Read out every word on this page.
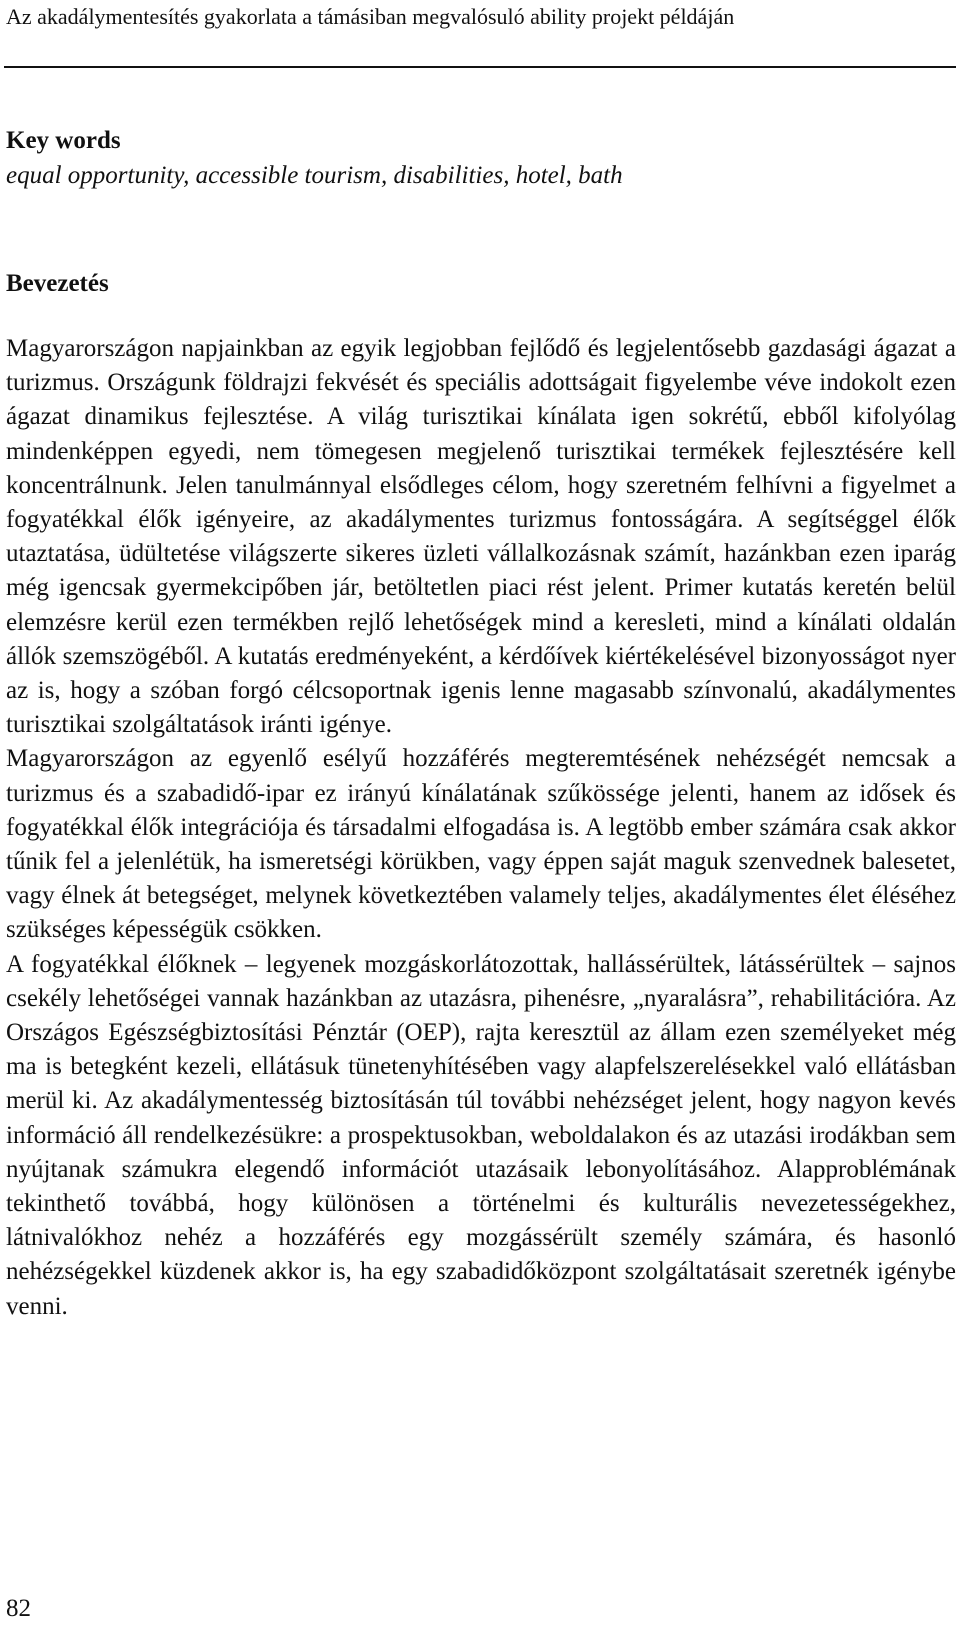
Az akadálymentesítés gyakorlata a támásiban megvalósuló ability projekt példáján
Key words
equal opportunity, accessible tourism, disabilities, hotel, bath
Bevezetés

Magyarországon napjainkban az egyik legjobban fejlődő és legjelentősebb gazdasági ágazat a turizmus. Országunk földrajzi fekvését és speciális adottságait figyelembe véve indokolt ezen ágazat dinamikus fejlesztése. A világ turisztikai kínálata igen sokrétű, ebből kifolyólag mindenképpen egyedi, nem tömegesen megjelenő turisztikai termékek fejlesztésére kell koncentrálnunk. Jelen tanulmánnyal elsődleges célom, hogy szeretném felhívni a figyelmet a fogyatékkal élők igényeire, az akadálymentes turizmus fontosságára. A segítséggel élők utaztatása, üdültetése világszerte sikeres üzleti vállalkozásnak számít, hazánkban ezen iparág még igencsak gyermekcipőben jár, betöltetlen piaci rést jelent. Primer kutatás keretén belül elemzésre kerül ezen termékben rejlő lehetőségek mind a keresleti, mind a kínálati oldalán állók szemszögéből. A kutatás eredményeként, a kérdőívek kiértékelésével bizonyosságot nyer az is, hogy a szóban forgó célcsoportnak igenis lenne magasabb színvonalú, akadálymentes turisztikai szolgáltatások iránti igénye.

Magyarországon az egyenlő esélyű hozzáférés megteremtésének nehézségét nemcsak a turizmus és a szabadidő-ipar ez irányú kínálatának szűkössége jelenti, hanem az idősek és fogyatékkal élők integrációja és társadalmi elfogadása is. A legtöbb ember számára csak akkor tűnik fel a jelenlétük, ha ismeretségi körükben, vagy éppen saját maguk szenvednek balesetet, vagy élnek át betegséget, melynek következtében valamely teljes, akadálymentes élet éléséhez szükséges képességük csökken.

A fogyatékkal élőknek – legyenek mozgáskorlátozottak, hallássérültek, látássérültek – sajnos csekély lehetőségei vannak hazánkban az utazásra, pihenésre, „nyaralásra”, rehabilitációra. Az Országos Egészségbiztosítási Pénztár (OEP), rajta keresztül az állam ezen személyeket még ma is betegként kezeli, ellátásuk tünetenyhítésében vagy alapfelszerelésekkel való ellátásban merül ki. Az akadálymentesség biztosításán túl további nehézséget jelent, hogy nagyon kevés információ áll rendelkezésükre: a prospektusokban, weboldalakon és az utazási irodákban sem nyújtanak számukra elegendő információt utazásaik lebonyolításához. Alapproblémának tekinthető továbbá, hogy különösen a történelmi és kulturális nevezetességekhez, látnivalókhoz nehéz a hozzáférés egy mozgássérült személy számára, és hasonló nehézségekkel küzdenek akkor is, ha egy szabadidőközpont szolgáltatásait szeretnék igénybe venni.

82
